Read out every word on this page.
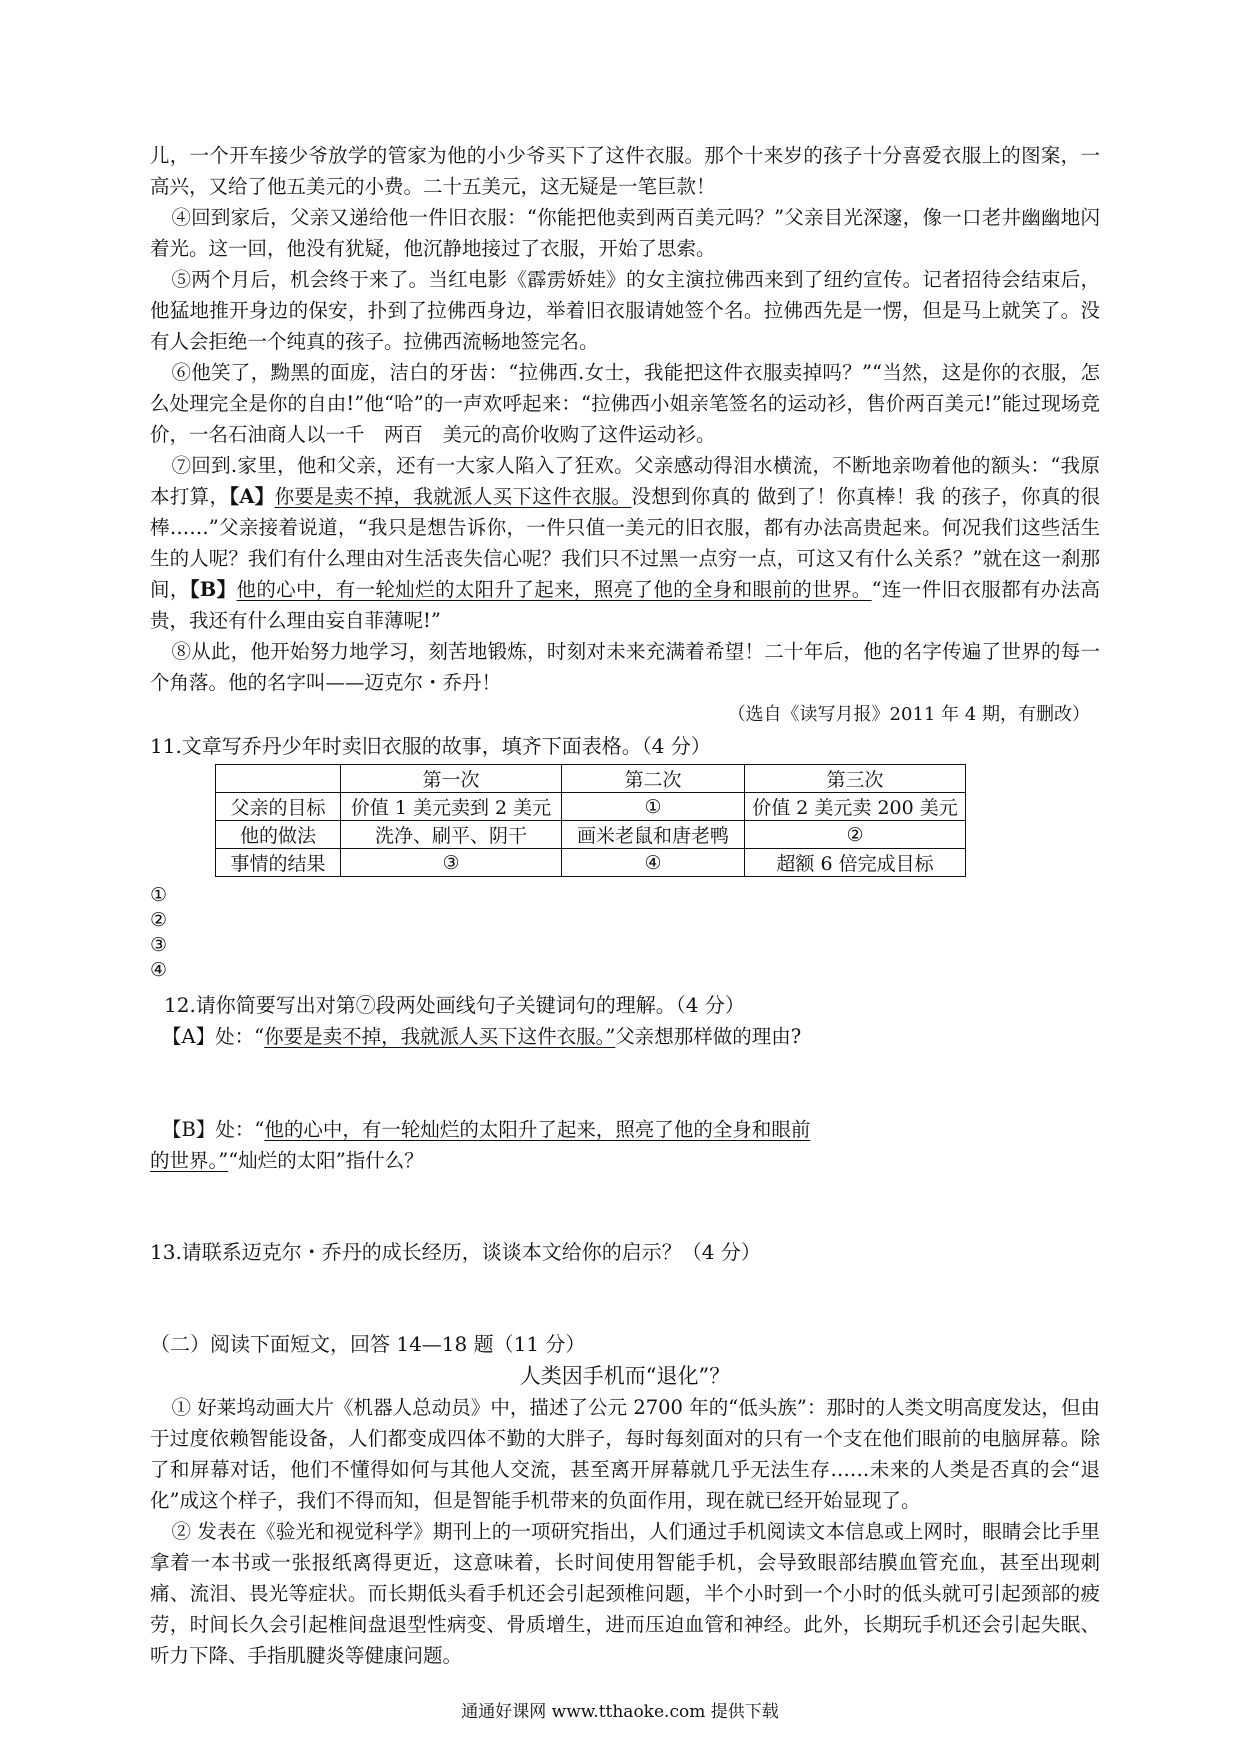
儿，一个开车接少爷放学的管家为他的小少爷买下了这件衣服。那个十来岁的孩子十分喜爱衣服上的图案，一高兴，又给了他五美元的小费。二十五美元，这无疑是一笔巨款！

④回到家后，父亲又递给他一件旧衣服：“你能把他卖到两百美元吗？”父亲目光深邃，像一口老井幽幽地闪着光。这一回，他没有犹疑，他沉静地接过了衣服，开始了思索。

⑤两个月后，机会终于来了。当红电影《霹雳娇娃》的女主演拉佛西来到了纽约宣传。记者招待会结束后，他猛地推开身边的保安，扑到了拉佛西身边，举着旧衣服请她签个名。拉佛西先是一愣，但是马上就笑了。没有人会拒绝一个纯真的孩子。拉佛西流畅地签完名。

⑥他笑了，黝黑的面庞，洁白的牙齿：“拉佛西.女士，我能把这件衣服卖掉吗？”“当然，这是你的衣服，怎么处理完全是你的自由!”他“哈”的一声欢呼起来：“拉佛西小姐亲笔签名的运动衫，售价两百美元!”能过现场竞价，一名石油商人以一千　两百　美元的高价收购了这件运动衫。

⑦回到.家里，他和父亲，还有一大家人陷入了狂欢。父亲感动得泪水横流，不断地亲吻着他的额头：“我原本打算，【A】你要是卖不掉，我就派人买下这件衣服。没想到你真的 做到了！你真棒！我 的孩子，你真的很棒……”父亲接着说道，“我只是想告诉你，一件只值一美元的旧衣服，都有办法高贵起来。何况我们这些活生生的人呢？我们有什么理由对生活丧失信心呢？我们只不过黑一点穷一点，可这又有什么关系？”就在这一刹那间，【B】他的心中，有一轮灿烂的太阳升了起来，照亮了他的全身和眼前的世界。“连一件旧衣服都有办法高贵，我还有什么理由妄自菲薄呢!”

⑧从此，他开始努力地学习，刻苦地锻炼，时刻对未来充满着希望！二十年后，他的名字传遍了世界的每一个角落。他的名字叫——迈克尔・乔丹！

（选自《读写月报》2011 年 4 期，有删改）

11.文章写乔丹少年时卖旧衣服的故事，填齐下面表格。（4 分）

	第一次	第二次	第三次
父亲的目标	价值 1 美元卖到 2 美元	①	价值 2 美元卖 200 美元
他的做法	洗净、刷平、阴干	画米老鼠和唐老鸭	②
事情的结果	③	④	超额 6 倍完成目标

①

②

③

④

12.请你简要写出对第⑦段两处画线句子关键词句的理解。（4 分）

【A】处：“你要是卖不掉，我就派人买下这件衣服。”父亲想那样做的理由?

【B】处：“他的心中，有一轮灿烂的太阳升了起来，照亮了他的全身和眼前

的世界。”“灿烂的太阳”指什么？

13.请联系迈克尔・乔丹的成长经历，谈谈本文给你的启示？（4 分）

（二）阅读下面短文，回答 14—18 题（11 分）

人类因手机而“退化”？

① 好莱坞动画大片《机器人总动员》中，描述了公元 2700 年的“低头族”：那时的人类文明高度发达，但由于过度依赖智能设备，人们都变成四体不勤的大胖子，每时每刻面对的只有一个支在他们眼前的电脑屏幕。除了和屏幕对话，他们不懂得如何与其他人交流，甚至离开屏幕就几乎无法生存……未来的人类是否真的会“退化”成这个样子，我们不得而知，但是智能手机带来的负面作用，现在就已经开始显现了。

② 发表在《验光和视觉科学》期刊上的一项研究指出，人们通过手机阅读文本信息或上网时，眼睛会比手里拿着一本书或一张报纸离得更近，这意味着，长时间使用智能手机，会导致眼部结膜血管充血，甚至出现刺痛、流泪、畏光等症状。而长期低头看手机还会引起颈椎问题，半个小时到一个小时的低头就可引起颈部的疲劳，时间长久会引起椎间盘退型性病变、骨质增生，进而压迫血管和神经。此外，长期玩手机还会引起失眠、听力下降、手指肌腱炎等健康问题。

通通好课网 www.tthaoke.com 提供下载
